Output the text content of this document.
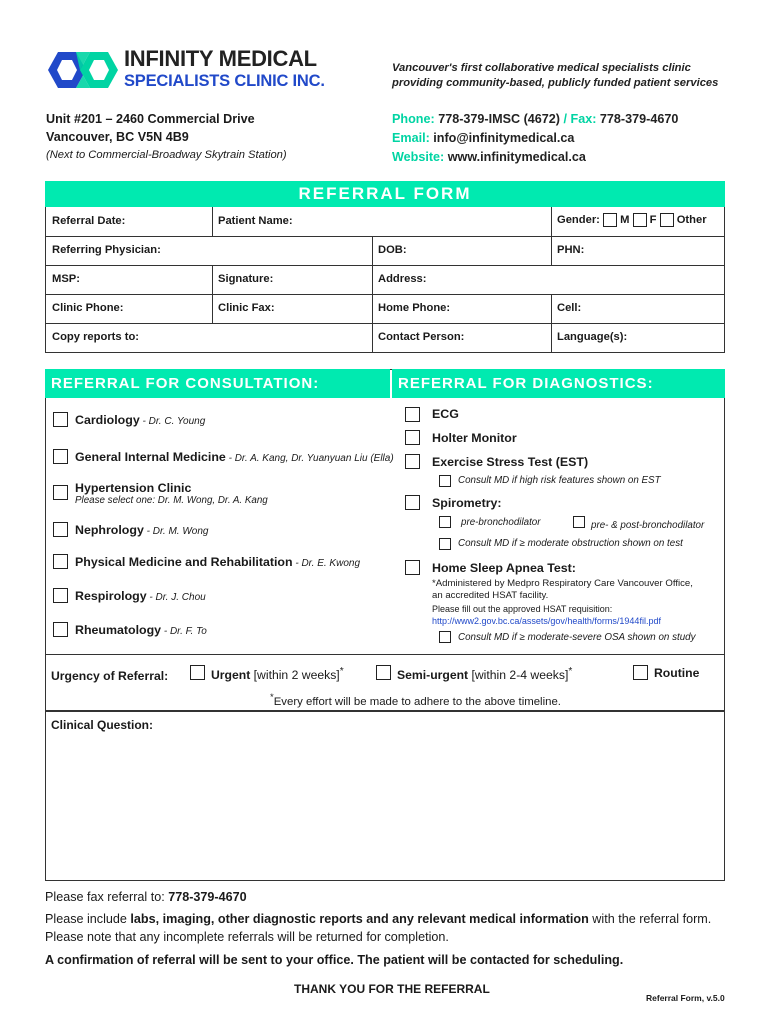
INFINITY MEDICAL
SPECIALISTS CLINIC INC.
Vancouver's first collaborative medical specialists clinic
providing community-based, publicly funded patient services
Unit #201 – 2460 Commercial Drive
Vancouver, BC V5N 4B9
(Next to Commercial-Broadway Skytrain Station)
Phone: 778-379-IMSC (4672) / Fax: 778-379-4670
Email: info@infinitymedical.ca
Website: www.infinitymedical.ca
REFERRAL FORM
Referral Date:	Patient Name:	Gender: M F Other
Referring Physician:	DOB:	PHN:
MSP:	Signature:	Address:
Clinic Phone:	Clinic Fax:	Home Phone:	Cell:
Copy reports to:	Contact Person:	Language(s):
REFERRAL FOR CONSULTATION:	REFERRAL FOR DIAGNOSTICS:
Cardiology - Dr. C. Young
General Internal Medicine - Dr. A. Kang, Dr. Yuanyuan Liu (Ella)
Hypertension Clinic
Please select one: Dr. M. Wong, Dr. A. Kang
Nephrology - Dr. M. Wong
Physical Medicine and Rehabilitation - Dr. E. Kwong
Respirology - Dr. J. Chou
Rheumatology - Dr. F. To
ECG
Holter Monitor
Exercise Stress Test (EST)
Consult MD if high risk features shown on EST
Spirometry:
pre-bronchodilator	pre- & post-bronchodilator
Consult MD if ≥ moderate obstruction shown on test
Home Sleep Apnea Test:
*Administered by Medpro Respiratory Care Vancouver Office,
an accredited HSAT facility.
Please fill out the approved HSAT requisition:
http://www2.gov.bc.ca/assets/gov/health/forms/1944fil.pdf
Consult MD if ≥ moderate-severe OSA shown on study
Urgency of Referral:	Urgent [within 2 weeks]*	Semi-urgent [within 2-4 weeks]*	Routine
*Every effort will be made to adhere to the above timeline.
Clinical Question:
Please fax referral to: 778-379-4670
Please include labs, imaging, other diagnostic reports and any relevant medical information with the referral form.
Please note that any incomplete referrals will be returned for completion.
A confirmation of referral will be sent to your office. The patient will be contacted for scheduling.
THANK YOU FOR THE REFERRAL
Referral Form, v.5.0
